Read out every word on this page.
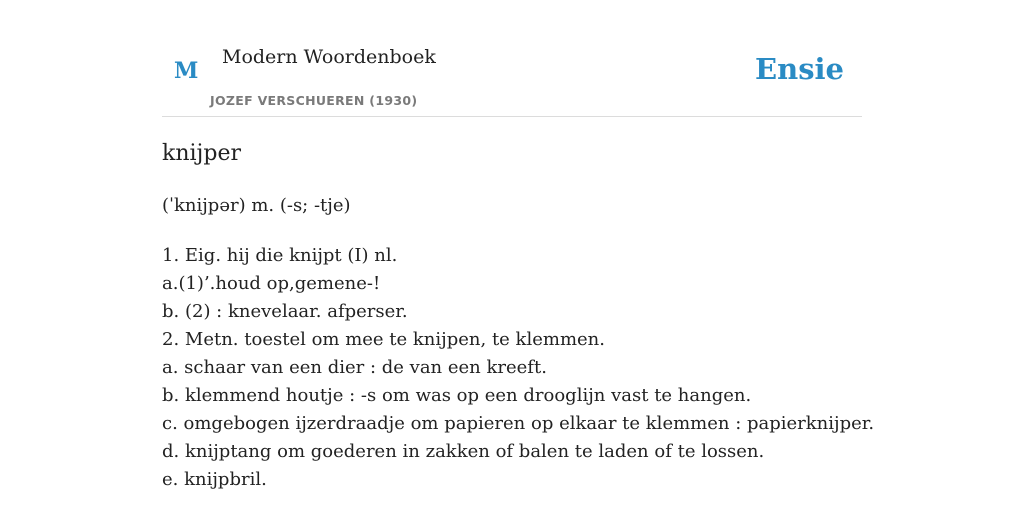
M
Modern Woordenboek
JOZEF VERSCHUEREN (1930)
Ensie
knijper
(ˈknijpər) m. (-s; -tje)
1. Eig. hij die knijpt (I) nl.
a.(1)’.houd op,gemene-!
b. (2) : knevelaar. afperser.
2. Metn. toestel om mee te knijpen, te klemmen.
a. schaar van een dier : de van een kreeft.
b. klemmend houtje : -s om was op een drooglijn vast te hangen.
c. omgebogen ijzerdraadje om papieren op elkaar te klemmen : papierknijper.
d. knijptang om goederen in zakken of balen te laden of te lossen.
e. knijpbril.
